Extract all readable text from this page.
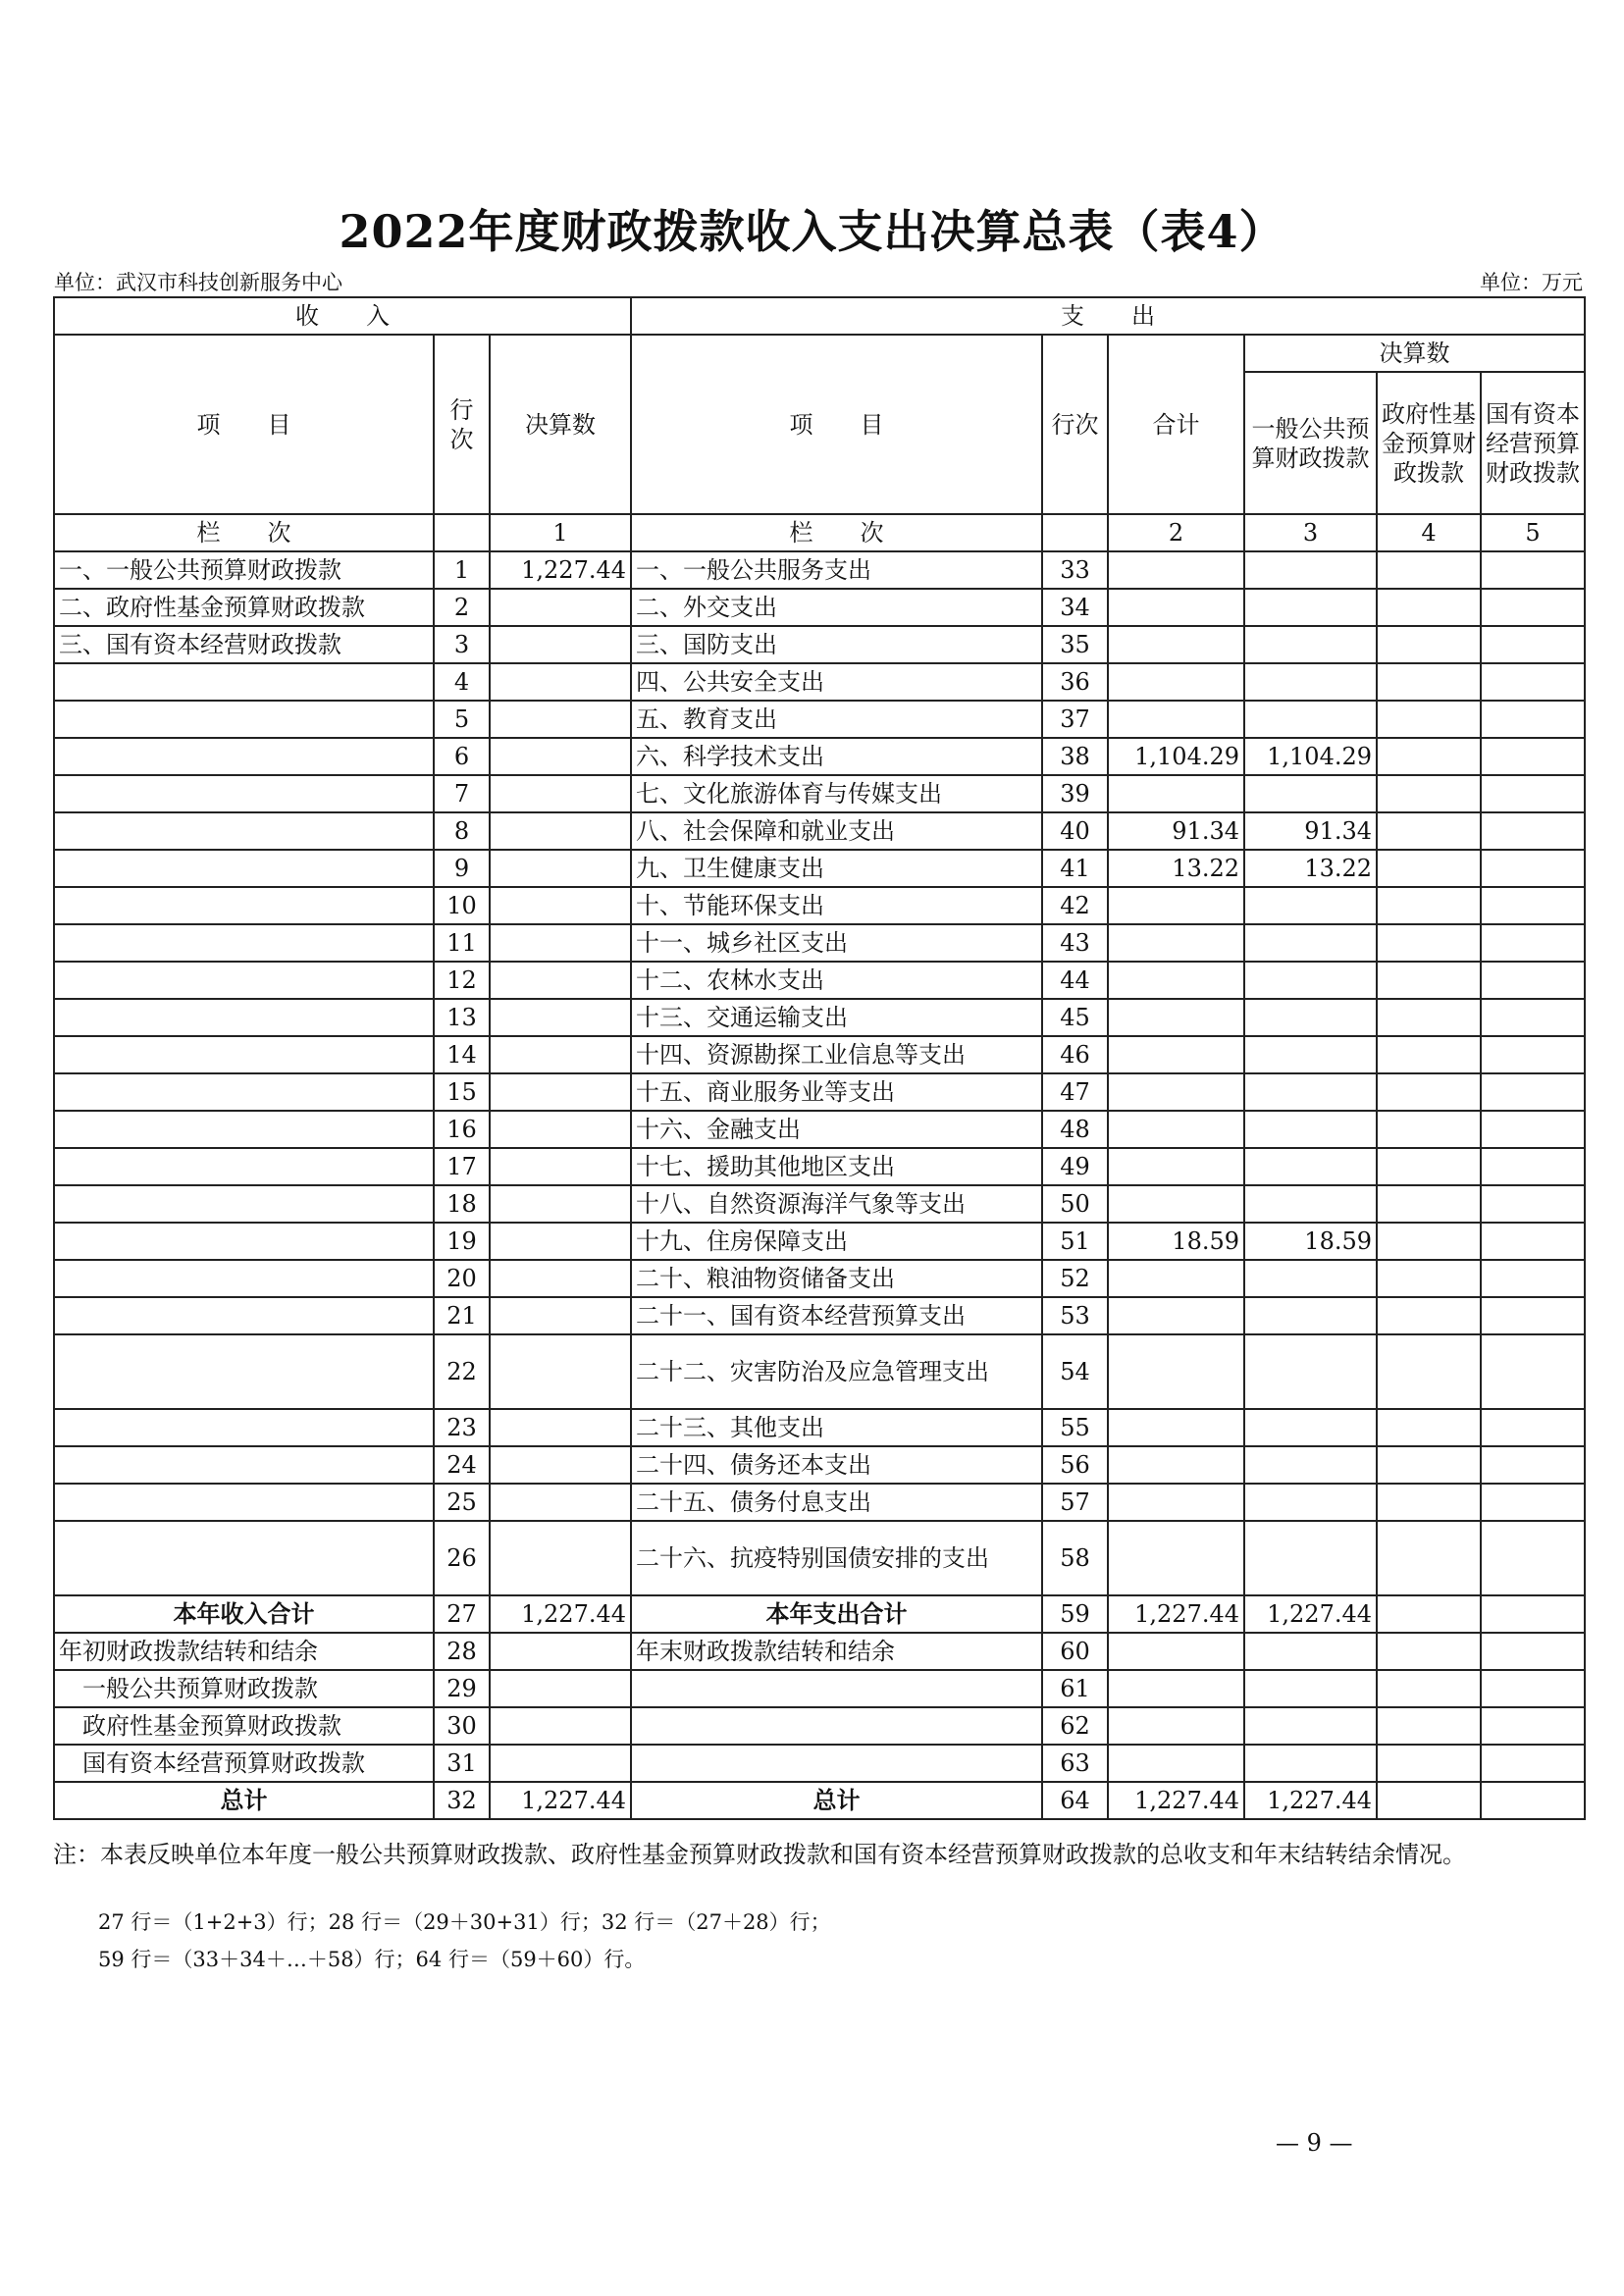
2022年度财政拨款收入支出决算总表（表4）
单位：武汉市科技创新服务中心	单位：万元
收　　入			支　　出					
项　　目	行次	决算数	项　　目	行次	合计	决算数		
						一般公共预算财政拨款	政府性基金预算财政拨款	国有资本经营预算财政拨款
栏　　次		1	栏　　次		2	3	4	5
一、一般公共预算财政拨款	1	1,227.44	一、一般公共服务支出	33				
二、政府性基金预算财政拨款	2		二、外交支出	34				
三、国有资本经营财政拨款	3		三、国防支出	35				
	4		四、公共安全支出	36				
	5		五、教育支出	37				
	6		六、科学技术支出	38	1,104.29	1,104.29		
	7		七、文化旅游体育与传媒支出	39				
	8		八、社会保障和就业支出	40	91.34	91.34		
	9		九、卫生健康支出	41	13.22	13.22		
	10		十、节能环保支出	42				
	11		十一、城乡社区支出	43				
	12		十二、农林水支出	44				
	13		十三、交通运输支出	45				
	14		十四、资源勘探工业信息等支出	46				
	15		十五、商业服务业等支出	47				
	16		十六、金融支出	48				
	17		十七、援助其他地区支出	49				
	18		十八、自然资源海洋气象等支出	50				
	19		十九、住房保障支出	51	18.59	18.59		
	20		二十、粮油物资储备支出	52				
	21		二十一、国有资本经营预算支出	53				
	22		二十二、灾害防治及应急管理支出	54				
	23		二十三、其他支出	55				
	24		二十四、债务还本支出	56				
	25		二十五、债务付息支出	57				
	26		二十六、抗疫特别国债安排的支出	58				
本年收入合计	27	1,227.44	本年支出合计	59	1,227.44	1,227.44		
年初财政拨款结转和结余	28		年末财政拨款结转和结余	60				
一般公共预算财政拨款	29			61				
政府性基金预算财政拨款	30			62				
国有资本经营预算财政拨款	31			63				
总计	32	1,227.44	总计	64	1,227.44	1,227.44		
注：本表反映单位本年度一般公共预算财政拨款、政府性基金预算财政拨款和国有资本经营预算财政拨款的总收支和年末结转结余情况。
27 行＝（1+2+3）行；28 行＝（29＋30+31）行；32 行＝（27＋28）行；
59 行＝（33＋34＋…＋58）行；64 行＝（59＋60）行。
— 9 —
